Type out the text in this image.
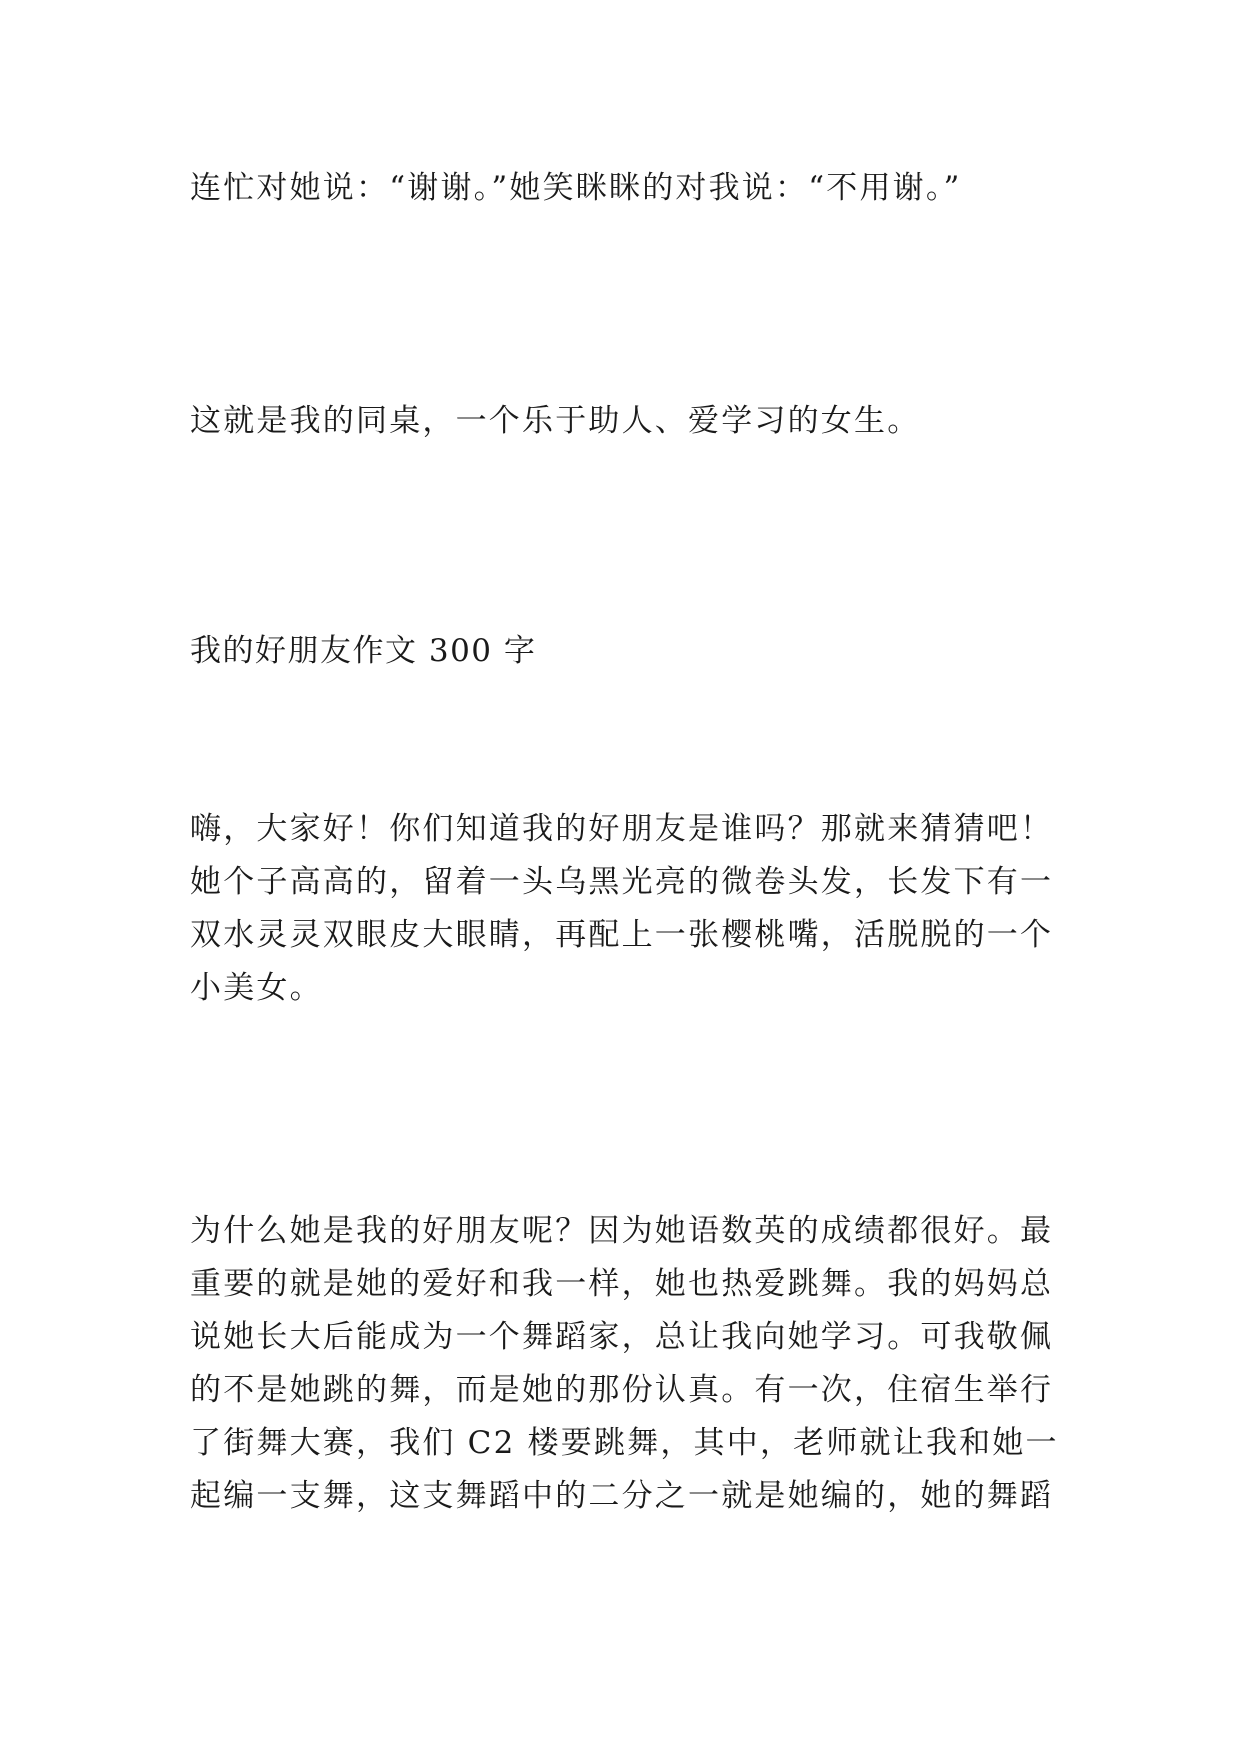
连忙对她说：“谢谢。”她笑眯眯的对我说：“不用谢。”

这就是我的同桌，一个乐于助人、爱学习的女生。

我的好朋友作文 300 字

嗨，大家好！你们知道我的好朋友是谁吗？那就来猜猜吧！
她个子高高的，留着一头乌黑光亮的微卷头发，长发下有一
双水灵灵双眼皮大眼睛，再配上一张樱桃嘴，活脱脱的一个
小美女。

为什么她是我的好朋友呢？因为她语数英的成绩都很好。最
重要的就是她的爱好和我一样，她也热爱跳舞。我的妈妈总
说她长大后能成为一个舞蹈家，总让我向她学习。可我敬佩
的不是她跳的舞，而是她的那份认真。有一次，住宿生举行
了街舞大赛，我们 C2 楼要跳舞，其中，老师就让我和她一
起编一支舞，这支舞蹈中的二分之一就是她编的，她的舞蹈
